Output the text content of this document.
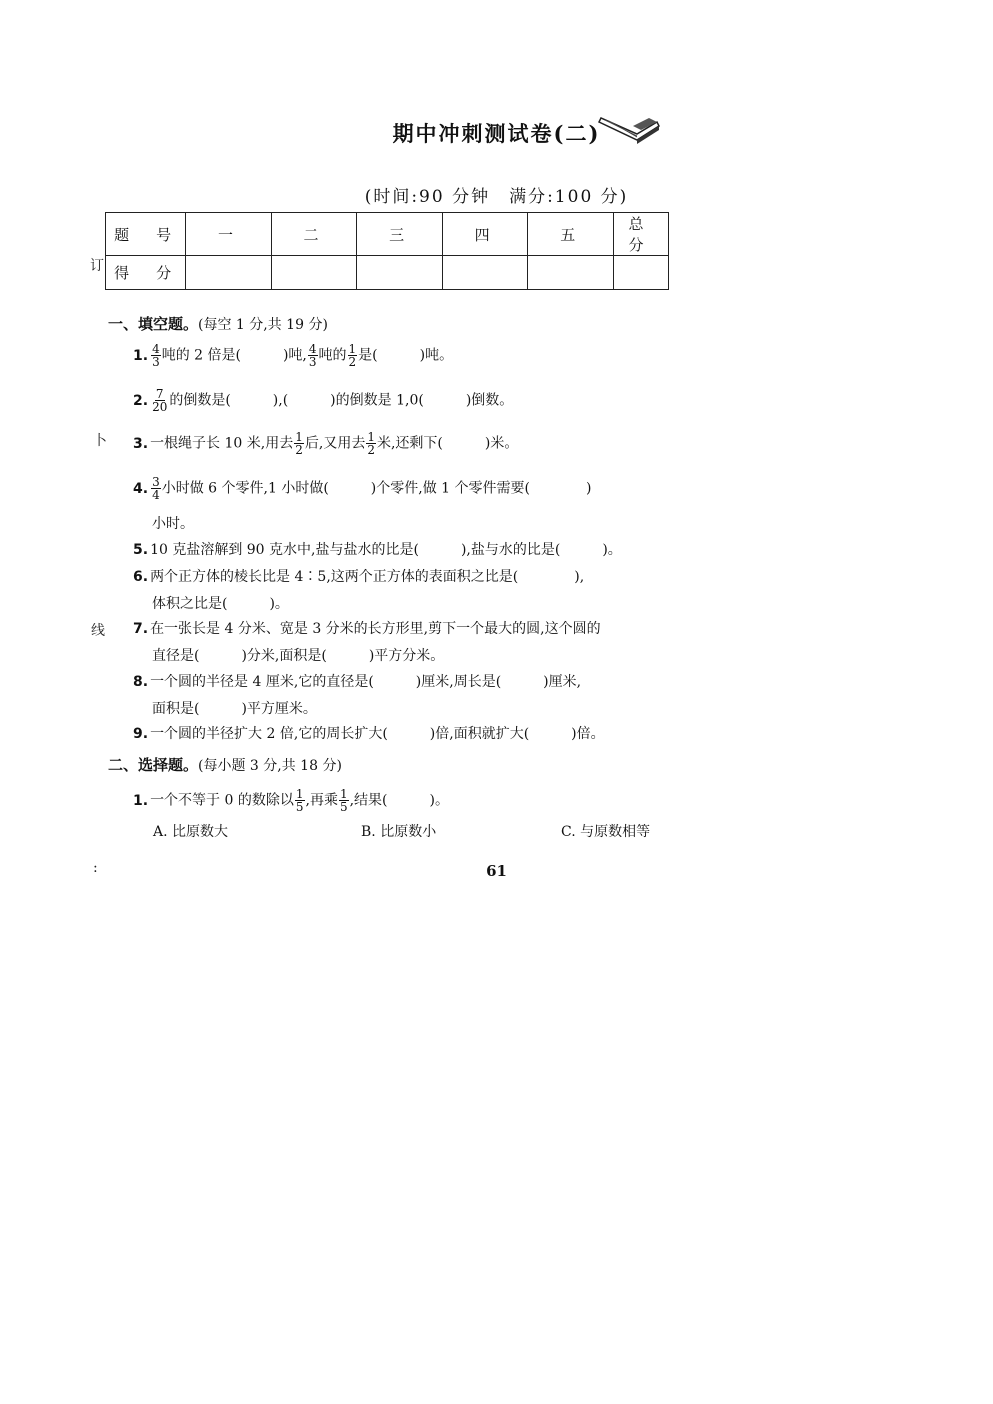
期中冲刺测试卷(二)
(时间:90 分钟　满分:100 分)
题　号	一	二	三	四	五	总　分
得　分						
订
卜
线
:
一、填空题。(每空 1 分,共 19 分)
1. $\frac{4}{3}$ 吨的 2 倍是(　　　)吨, $\frac{4}{3}$ 吨的 $\frac{1}{2}$ 是(　　　)吨。
2. $\frac{7}{20}$ 的倒数是(　　　),(　　　)的倒数是 1,0(　　　)倒数。
3. 一根绳子长 10 米,用去 $\frac{1}{2}$ 后,又用去 $\frac{1}{2}$ 米,还剩下(　　　)米。
4. $\frac{3}{4}$ 小时做 6 个零件,1 小时做(　　　)个零件,做 1 个零件需要(　　　　)
小时。
5. 10 克盐溶解到 90 克水中,盐与盐水的比是(　　　),盐与水的比是(　　　)。
6. 两个正方体的棱长比是 4∶5,这两个正方体的表面积之比是(　　　　),
体积之比是(　　　)。
7. 在一张长是 4 分米、宽是 3 分米的长方形里,剪下一个最大的圆,这个圆的
直径是(　　　)分米,面积是(　　　)平方分米。
8. 一个圆的半径是 4 厘米,它的直径是(　　　)厘米,周长是(　　　)厘米,
面积是(　　　)平方厘米。
9. 一个圆的半径扩大 2 倍,它的周长扩大(　　　)倍,面积就扩大(　　　)倍。
二、选择题。(每小题 3 分,共 18 分)
1. 一个不等于 0 的数除以 $\frac{1}{5}$ ,再乘 $\frac{1}{5}$ ,结果(　　　)。
A. 比原数大	B. 比原数小	C. 与原数相等
61
